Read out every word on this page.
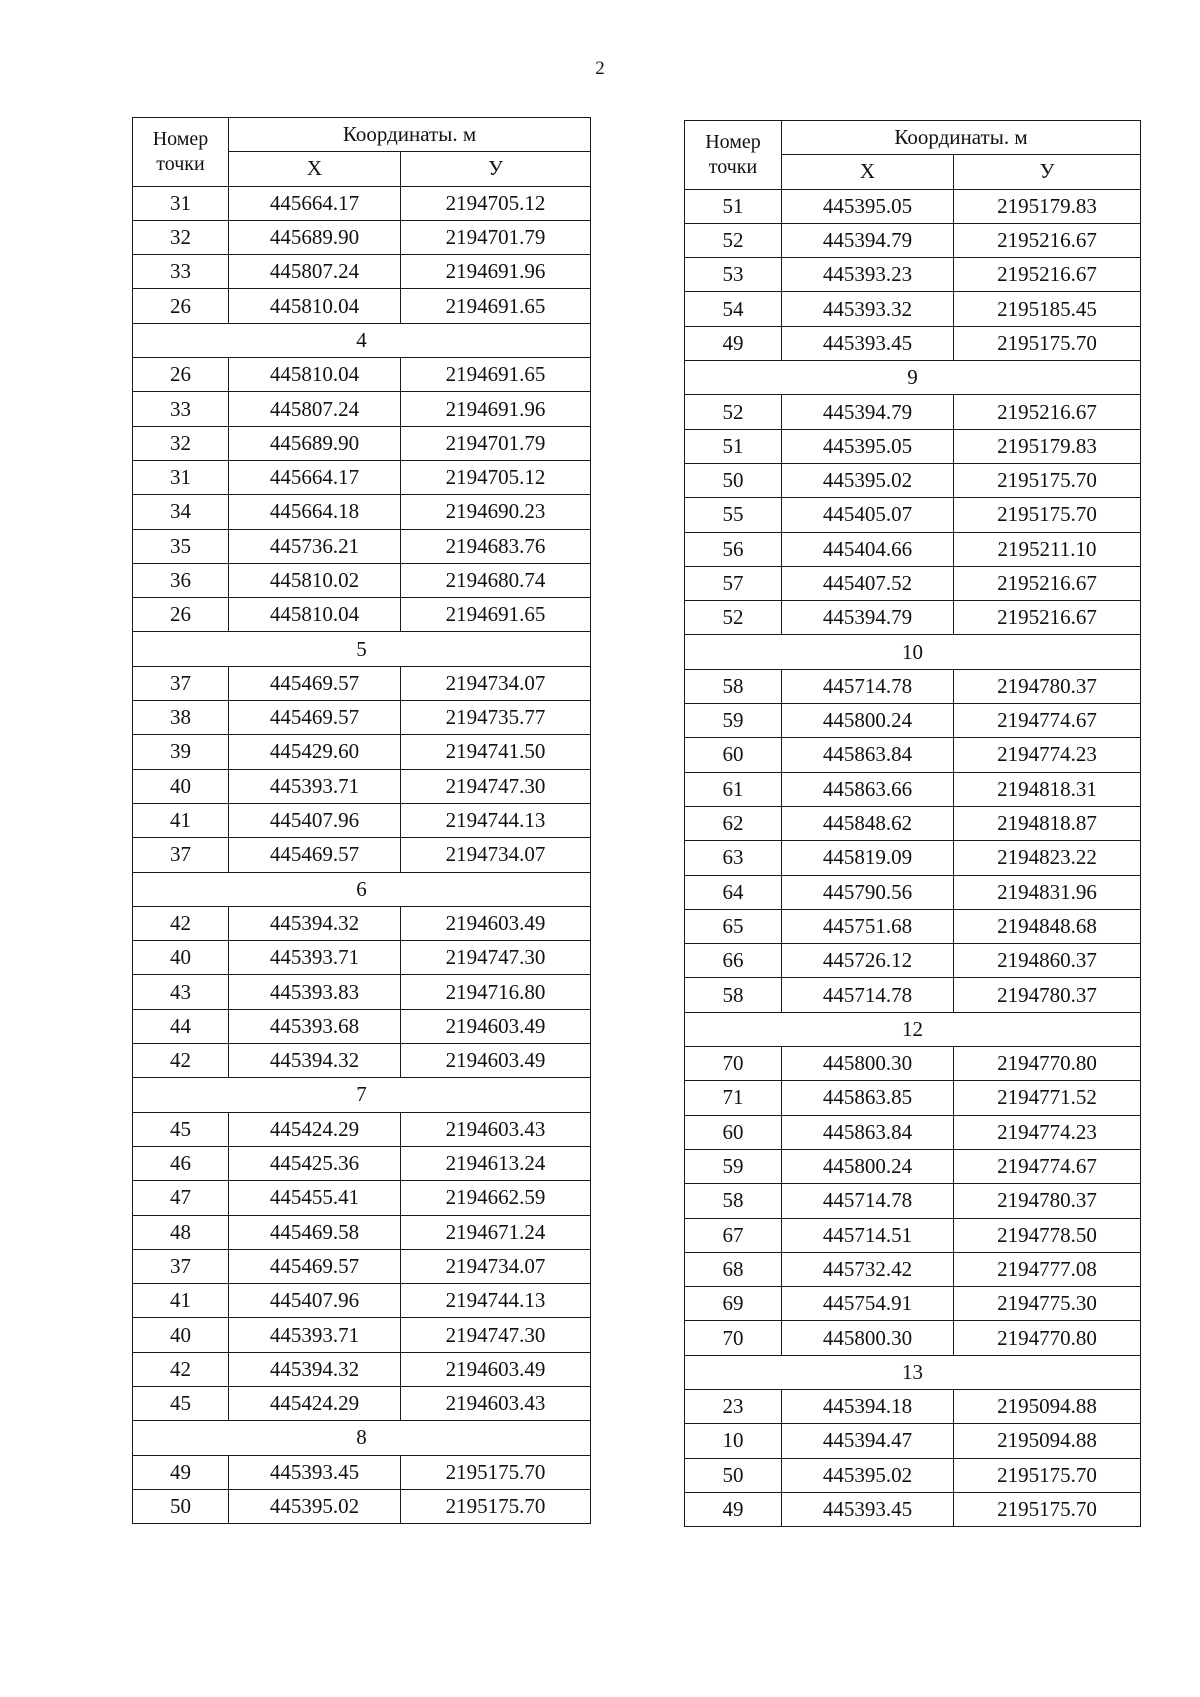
2
Номер
точки	Координаты. м	
	Х	У
31	445664.17	2194705.12
32	445689.90	2194701.79
33	445807.24	2194691.96
26	445810.04	2194691.65
4		
26	445810.04	2194691.65
33	445807.24	2194691.96
32	445689.90	2194701.79
31	445664.17	2194705.12
34	445664.18	2194690.23
35	445736.21	2194683.76
36	445810.02	2194680.74
26	445810.04	2194691.65
5		
37	445469.57	2194734.07
38	445469.57	2194735.77
39	445429.60	2194741.50
40	445393.71	2194747.30
41	445407.96	2194744.13
37	445469.57	2194734.07
6		
42	445394.32	2194603.49
40	445393.71	2194747.30
43	445393.83	2194716.80
44	445393.68	2194603.49
42	445394.32	2194603.49
7		
45	445424.29	2194603.43
46	445425.36	2194613.24
47	445455.41	2194662.59
48	445469.58	2194671.24
37	445469.57	2194734.07
41	445407.96	2194744.13
40	445393.71	2194747.30
42	445394.32	2194603.49
45	445424.29	2194603.43
8		
49	445393.45	2195175.70
50	445395.02	2195175.70
Номер
точки	Координаты. м	
	Х	У
51	445395.05	2195179.83
52	445394.79	2195216.67
53	445393.23	2195216.67
54	445393.32	2195185.45
49	445393.45	2195175.70
9		
52	445394.79	2195216.67
51	445395.05	2195179.83
50	445395.02	2195175.70
55	445405.07	2195175.70
56	445404.66	2195211.10
57	445407.52	2195216.67
52	445394.79	2195216.67
10		
58	445714.78	2194780.37
59	445800.24	2194774.67
60	445863.84	2194774.23
61	445863.66	2194818.31
62	445848.62	2194818.87
63	445819.09	2194823.22
64	445790.56	2194831.96
65	445751.68	2194848.68
66	445726.12	2194860.37
58	445714.78	2194780.37
12		
70	445800.30	2194770.80
71	445863.85	2194771.52
60	445863.84	2194774.23
59	445800.24	2194774.67
58	445714.78	2194780.37
67	445714.51	2194778.50
68	445732.42	2194777.08
69	445754.91	2194775.30
70	445800.30	2194770.80
13		
23	445394.18	2195094.88
10	445394.47	2195094.88
50	445395.02	2195175.70
49	445393.45	2195175.70
